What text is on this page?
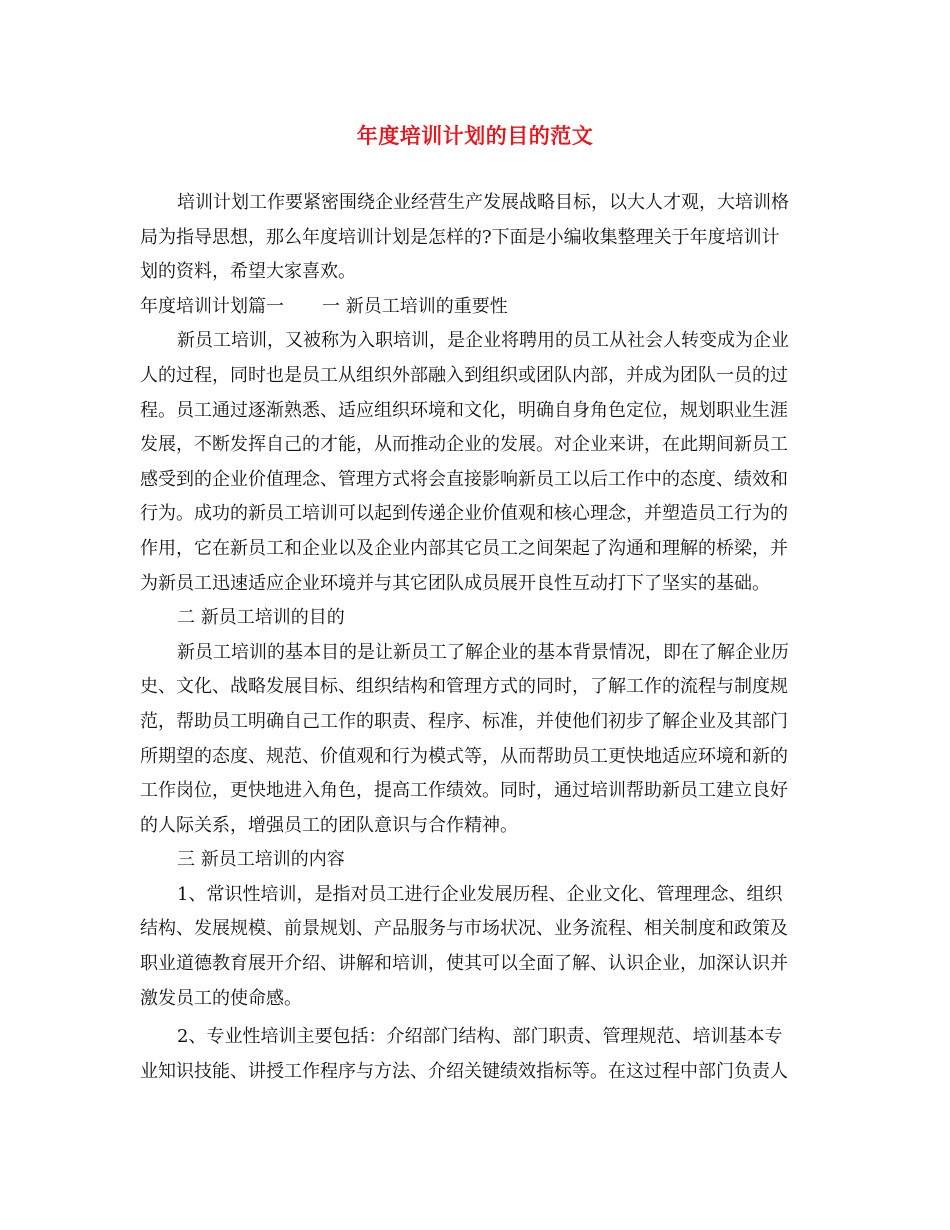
年度培训计划的目的范文
培训计划工作要紧密围绕企业经营生产发展战略目标，以大人才观，大培训格
局为指导思想，那么年度培训计划是怎样的?下面是小编收集整理关于年度培训计
划的资料，希望大家喜欢。
年度培训计划篇一 一 新员工培训的重要性
新员工培训，又被称为入职培训，是企业将聘用的员工从社会人转变成为企业
人的过程，同时也是员工从组织外部融入到组织或团队内部，并成为团队一员的过
程。员工通过逐渐熟悉、适应组织环境和文化，明确自身角色定位，规划职业生涯
发展，不断发挥自己的才能，从而推动企业的发展。对企业来讲，在此期间新员工
感受到的企业价值理念、管理方式将会直接影响新员工以后工作中的态度、绩效和
行为。成功的新员工培训可以起到传递企业价值观和核心理念，并塑造员工行为的
作用，它在新员工和企业以及企业内部其它员工之间架起了沟通和理解的桥梁，并
为新员工迅速适应企业环境并与其它团队成员展开良性互动打下了坚实的基础。
二 新员工培训的目的
新员工培训的基本目的是让新员工了解企业的基本背景情况，即在了解企业历
史、文化、战略发展目标、组织结构和管理方式的同时，了解工作的流程与制度规
范，帮助员工明确自己工作的职责、程序、标准，并使他们初步了解企业及其部门
所期望的态度、规范、价值观和行为模式等，从而帮助员工更快地适应环境和新的
工作岗位，更快地进入角色，提高工作绩效。同时，通过培训帮助新员工建立良好
的人际关系，增强员工的团队意识与合作精神。
三 新员工培训的内容
1、常识性培训，是指对员工进行企业发展历程、企业文化、管理理念、组织
结构、发展规模、前景规划、产品服务与市场状况、业务流程、相关制度和政策及
职业道德教育展开介绍、讲解和培训，使其可以全面了解、认识企业，加深认识并
激发员工的使命感。
2、专业性培训主要包括：介绍部门结构、部门职责、管理规范、培训基本专
业知识技能、讲授工作程序与方法、介绍关键绩效指标等。在这过程中部门负责人
